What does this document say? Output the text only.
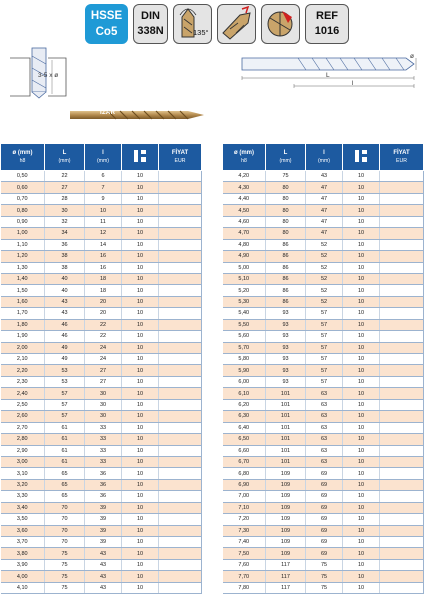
HSSE
Co5
DIN
338N	135°
REF
1016
3-5 x ø
IZAR
L
l
ø
ø (mm)
h8	L
(mm)	l
(mm)		FİYAT
EUR

0,50	22	6	10	
0,60	27	7	10	
0,70	28	9	10	
0,80	30	10	10	
0,90	32	11	10	
1,00	34	12	10	
1,10	36	14	10	
1,20	38	16	10	
1,30	38	16	10	
1,40	40	18	10	
1,50	40	18	10	
1,60	43	20	10	
1,70	43	20	10	
1,80	46	22	10	
1,90	46	22	10	
2,00	49	24	10	
2,10	49	24	10	
2,20	53	27	10	
2,30	53	27	10	
2,40	57	30	10	
2,50	57	30	10	
2,60	57	30	10	
2,70	61	33	10	
2,80	61	33	10	
2,90	61	33	10	
3,00	61	33	10	
3,10	65	36	10	
3,20	65	36	10	
3,30	65	36	10	
3,40	70	39	10	
3,50	70	39	10	
3,60	70	39	10	
3,70	70	39	10	
3,80	75	43	10	
3,90	75	43	10	
4,00	75	43	10	
4,10	75	43	10	
ø (mm)
h8	L
(mm)	l
(mm)		FİYAT
EUR

4,20	75	43	10	
4,30	80	47	10	
4,40	80	47	10	
4,50	80	47	10	
4,60	80	47	10	
4,70	80	47	10	
4,80	86	52	10	
4,90	86	52	10	
5,00	86	52	10	
5,10	86	52	10	
5,20	86	52	10	
5,30	86	52	10	
5,40	93	57	10	
5,50	93	57	10	
5,60	93	57	10	
5,70	93	57	10	
5,80	93	57	10	
5,90	93	57	10	
6,00	93	57	10	
6,10	101	63	10	
6,20	101	63	10	
6,30	101	63	10	
6,40	101	63	10	
6,50	101	63	10	
6,60	101	63	10	
6,70	101	63	10	
6,80	109	69	10	
6,90	109	69	10	
7,00	109	69	10	
7,10	109	69	10	
7,20	109	69	10	
7,30	109	69	10	
7,40	109	69	10	
7,50	109	69	10	
7,60	117	75	10	
7,70	117	75	10	
7,80	117	75	10	
